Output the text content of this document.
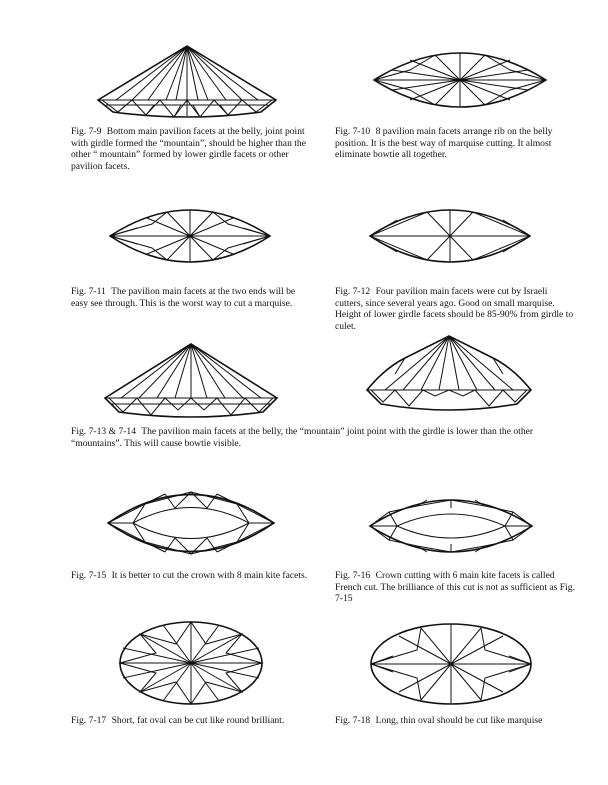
Fig. 7-9 Bottom main pavilion facets at the belly, joint point with girdle formed the “mountain”, should be higher than the other “ mountain” formed by lower girdle facets or other pavilion facets.
Fig. 7-10 8 pavilion main facets arrange rib on the belly position. It is the best way of marquise cutting. It almost eliminate bowtie all together.
Fig. 7-11 The pavilion main facets at the two ends will be easy see through. This is the worst way to cut a marquise.
Fig. 7-12 Four pavilion main facets were cut by Israeli cutters, since several years ago. Good on small marquise. Height of lower girdle facets should be 85-90% from girdle to culet.
Fig. 7-13 & 7-14 The pavilion main facets at the belly, the “mountain” joint point with the girdle is lower than the other “mountains”. This will cause bowtie visible.
Fig. 7-15 It is better to cut the crown with 8 main kite facets.	Fig. 7-16 Crown cutting with 6 main kite facets is called French cut. The brilliance of this cut is not as sufficient as Fig. 7-15
Fig. 7-17 Short, fat oval can be cut like round brilliant.	Fig. 7-18 Long, thin oval should be cut like marquise
